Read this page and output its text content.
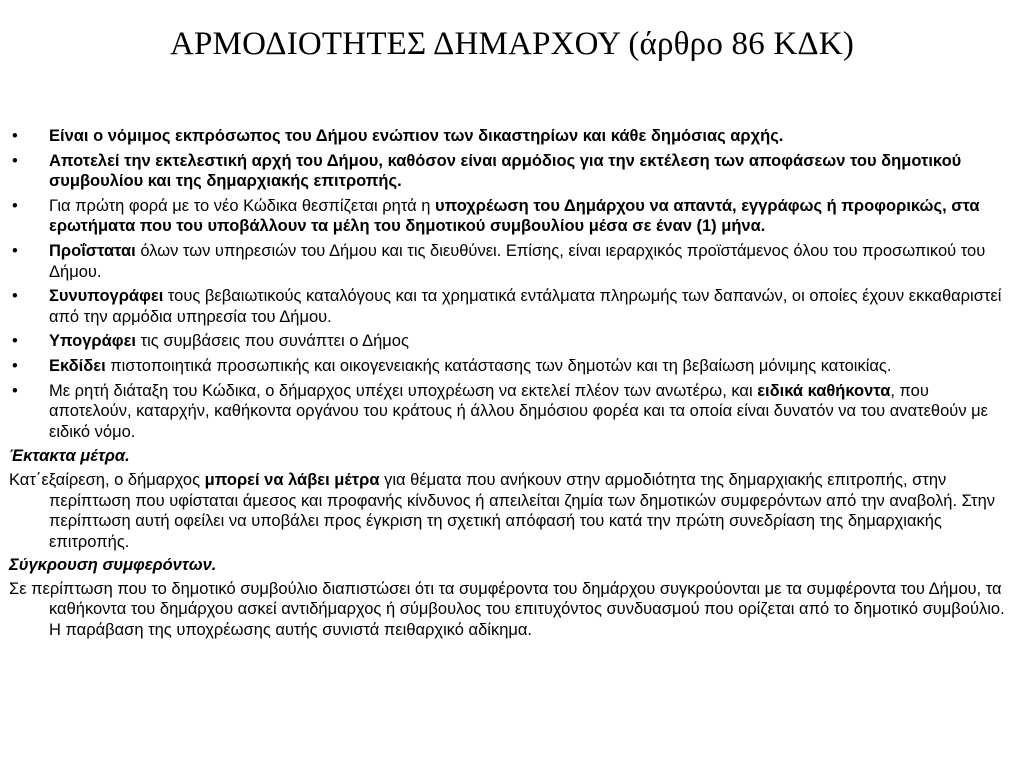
ΑΡΜΟΔΙΟΤΗΤΕΣ ΔΗΜΑΡΧΟΥ (άρθρο 86 ΚΔΚ)
• Είναι ο νόμιμος εκπρόσωπος του Δήμου ενώπιον των δικαστηρίων και κάθε δημόσιας αρχής.
• Αποτελεί την εκτελεστική αρχή του Δήμου, καθόσον είναι αρμόδιος για την εκτέλεση των αποφάσεων του δημοτικού συμβουλίου και της δημαρχιακής επιτροπής.
• Για πρώτη φορά με το νέο Κώδικα θεσπίζεται ρητά η υποχρέωση του Δημάρχου να απαντά, εγγράφως ή προφορικώς, στα ερωτήματα που του υποβάλλουν τα μέλη του δημοτικού συμβουλίου μέσα σε έναν (1) μήνα.
• Προΐσταται όλων των υπηρεσιών του Δήμου και τις διευθύνει. Επίσης, είναι ιεραρχικός προϊστάμενος όλου του προσωπικού του Δήμου.
• Συνυπογράφει τους βεβαιωτικούς καταλόγους και τα χρηματικά εντάλματα πληρωμής των δαπανών, οι οποίες έχουν εκκαθαριστεί από την αρμόδια υπηρεσία του Δήμου.
• Υπογράφει τις συμβάσεις που συνάπτει ο Δήμος
• Εκδίδει πιστοποιητικά προσωπικής και οικογενειακής κατάστασης των δημοτών και τη βεβαίωση μόνιμης κατοικίας.
• Με ρητή διάταξη του Κώδικα, ο δήμαρχος υπέχει υποχρέωση να εκτελεί πλέον των ανωτέρω, και ειδικά καθήκοντα, που αποτελούν, καταρχήν, καθήκοντα οργάνου του κράτους ή άλλου δημόσιου φορέα και τα οποία είναι δυνατόν να του ανατεθούν με ειδικό νόμο.
Έκτακτα μέτρα.
Κατ΄εξαίρεση, ο δήμαρχος μπορεί να λάβει μέτρα για θέματα που ανήκουν στην αρμοδιότητα της δημαρχιακής επιτροπής, στην περίπτωση που υφίσταται άμεσος και προφανής κίνδυνος ή απειλείται ζημία των δημοτικών συμφερόντων από την αναβολή. Στην περίπτωση αυτή οφείλει να υποβάλει προς έγκριση τη σχετική απόφασή του κατά την πρώτη συνεδρίαση της δημαρχιακής επιτροπής.
Σύγκρουση συμφερόντων.
Σε περίπτωση που το δημοτικό συμβούλιο διαπιστώσει ότι τα συμφέροντα του δημάρχου συγκρούονται με τα συμφέροντα του Δήμου, τα καθήκοντα του δημάρχου ασκεί αντιδήμαρχος ή σύμβουλος του επιτυχόντος συνδυασμού που ορίζεται από το δημοτικό συμβούλιο. Η παράβαση της υποχρέωσης αυτής συνιστά πειθαρχικό αδίκημα.
